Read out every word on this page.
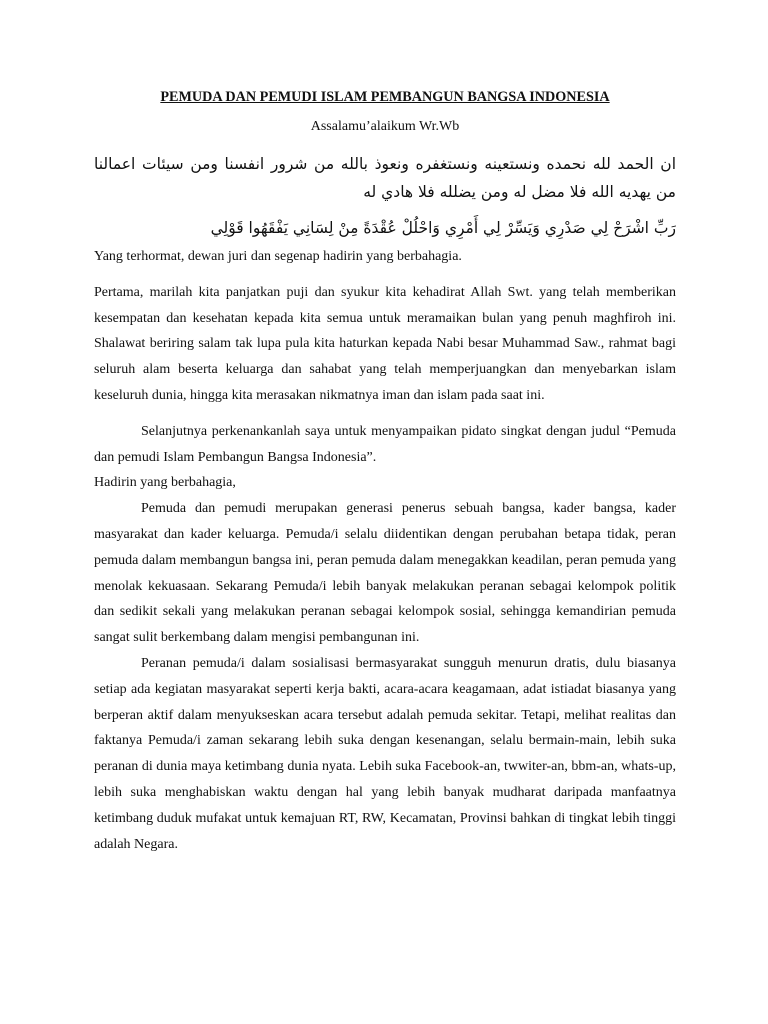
PEMUDA DAN PEMUDI ISLAM PEMBANGUN BANGSA INDONESIA
Assalamu’alaikum Wr.Wb
ان الحمد لله نحمده ونستعينه ونستغفره ونعوذ بالله من شرور انفسنا ومن سيئات اعمالنا من يهديه الله فلا مضل له ومن يضلله فلا هادي له
رَبِّ اشْرَحْ لِي صَدْرِي وَيَسِّرْ لِي أَمْرِي وَاحْلُلْ عُقْدَةً مِنْ لِسَانِي يَفْقَهُوا قَوْلِي

Yang terhormat, dewan juri dan segenap hadirin yang berbahagia.

Pertama, marilah kita panjatkan puji dan syukur kita kehadirat Allah Swt. yang telah memberikan kesempatan dan kesehatan kepada kita semua untuk meramaikan bulan yang penuh maghfiroh ini. Shalawat beriring salam tak lupa pula kita haturkan kepada Nabi besar Muhammad Saw., rahmat bagi seluruh alam beserta keluarga dan sahabat yang telah memperjuangkan dan menyebarkan islam keseluruh dunia, hingga kita merasakan nikmatnya iman dan islam pada saat ini.

Selanjutnya perkenankanlah saya untuk menyampaikan pidato singkat dengan judul “Pemuda dan pemudi Islam Pembangun Bangsa Indonesia”.

Hadirin yang berbahagia,

Pemuda dan pemudi merupakan generasi penerus sebuah bangsa, kader bangsa, kader masyarakat dan kader keluarga. Pemuda/i selalu diidentikan dengan perubahan betapa tidak, peran pemuda dalam membangun bangsa ini, peran pemuda dalam menegakkan keadilan, peran pemuda yang menolak kekuasaan. Sekarang Pemuda/i lebih banyak melakukan peranan sebagai kelompok politik dan sedikit sekali yang melakukan peranan sebagai kelompok sosial, sehingga kemandirian pemuda sangat sulit berkembang dalam mengisi pembangunan ini.

Peranan pemuda/i dalam sosialisasi bermasyarakat sungguh menurun dratis, dulu biasanya setiap ada kegiatan masyarakat seperti kerja bakti, acara-acara keagamaan, adat istiadat biasanya yang berperan aktif dalam menyukseskan acara tersebut adalah pemuda sekitar. Tetapi, melihat realitas dan faktanya Pemuda/i zaman sekarang lebih suka dengan kesenangan, selalu bermain-main, lebih suka peranan di dunia maya ketimbang dunia nyata. Lebih suka Facebook-an, twwiter-an, bbm-an, whats-up, lebih suka menghabiskan waktu dengan hal yang lebih banyak mudharat daripada manfaatnya ketimbang duduk mufakat untuk kemajuan RT, RW, Kecamatan, Provinsi bahkan di tingkat lebih tinggi adalah Negara.
